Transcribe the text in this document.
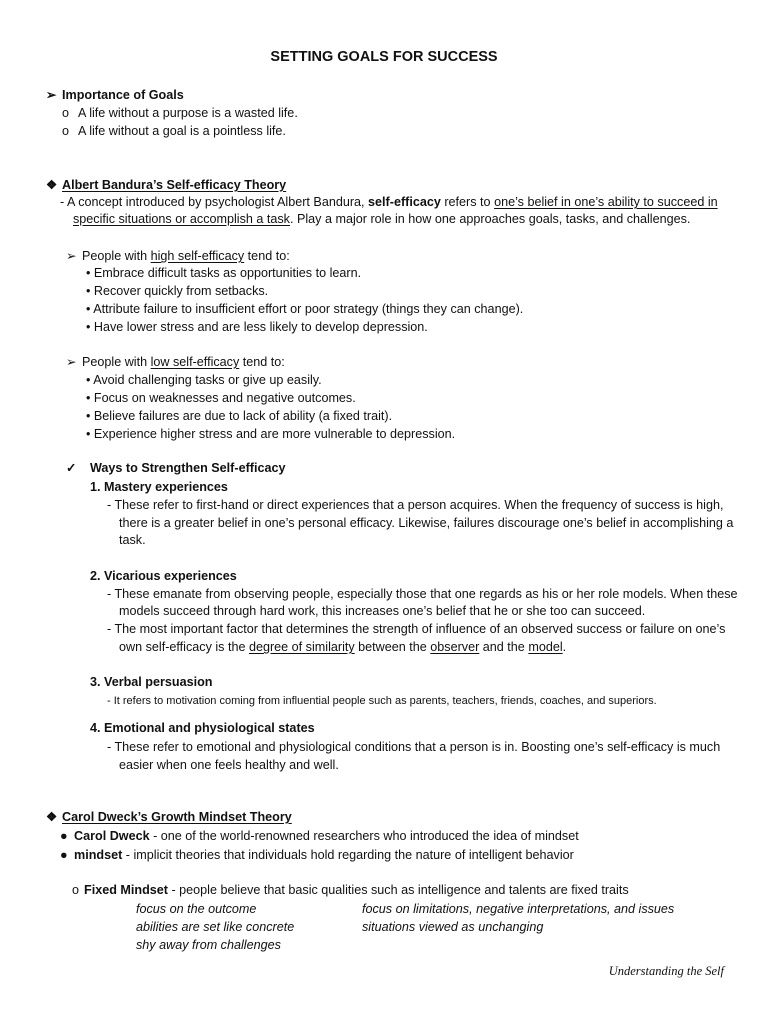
SETTING GOALS FOR SUCCESS
➢ Importance of Goals
o A life without a purpose is a wasted life.
o A life without a goal is a pointless life.
❖ Albert Bandura’s Self-efficacy Theory
- A concept introduced by psychologist Albert Bandura, self-efficacy refers to one’s belief in one’s ability to succeed in
specific situations or accomplish a task. Play a major role in how one approaches goals, tasks, and challenges.
➢ People with high self-efficacy tend to:
• Embrace difficult tasks as opportunities to learn.
• Recover quickly from setbacks.
• Attribute failure to insufficient effort or poor strategy (things they can change).
• Have lower stress and are less likely to develop depression.
➢ People with low self-efficacy tend to:
• Avoid challenging tasks or give up easily.
• Focus on weaknesses and negative outcomes.
• Believe failures are due to lack of ability (a fixed trait).
• Experience higher stress and are more vulnerable to depression.
✓ Ways to Strengthen Self-efficacy
1. Mastery experiences
- These refer to first-hand or direct experiences that a person acquires. When the frequency of success is high,
there is a greater belief in one’s personal efficacy. Likewise, failures discourage one’s belief in accomplishing a
task.
2. Vicarious experiences
- These emanate from observing people, especially those that one regards as his or her role models. When these
models succeed through hard work, this increases one’s belief that he or she too can succeed.
- The most important factor that determines the strength of influence of an observed success or failure on one’s
own self-efficacy is the degree of similarity between the observer and the model.
3. Verbal persuasion
- It refers to motivation coming from influential people such as parents, teachers, friends, coaches, and superiors.
4. Emotional and physiological states
- These refer to emotional and physiological conditions that a person is in. Boosting one’s self-efficacy is much
easier when one feels healthy and well.
❖ Carol Dweck’s Growth Mindset Theory
● Carol Dweck - one of the world-renowned researchers who introduced the idea of mindset
● mindset - implicit theories that individuals hold regarding the nature of intelligent behavior
o Fixed Mindset - people believe that basic qualities such as intelligence and talents are fixed traits
focus on the outcome
abilities are set like concrete
shy away from challenges
focus on limitations, negative interpretations, and issues
situations viewed as unchanging
Understanding the Self
